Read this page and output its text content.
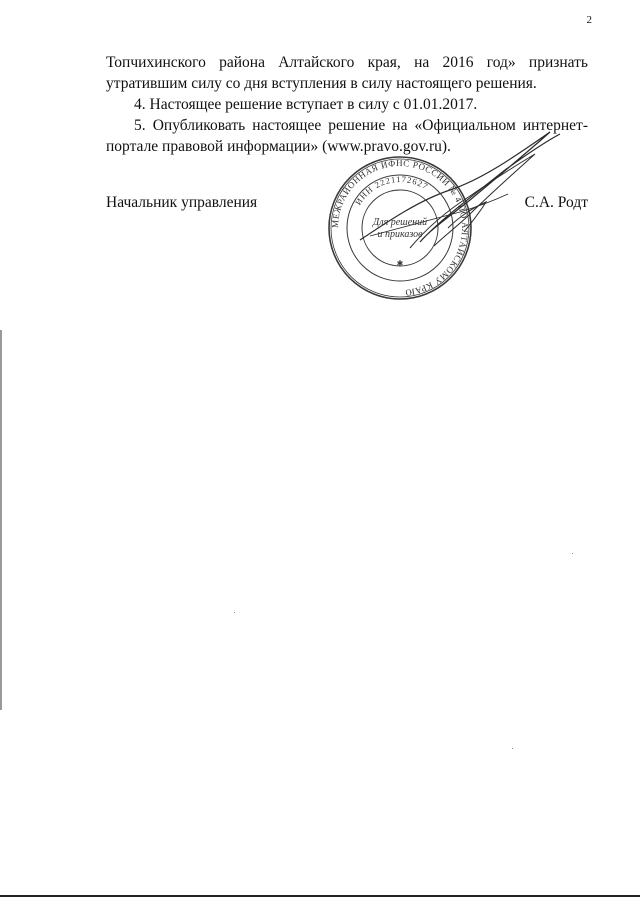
2

Топчихинского района Алтайского края, на 2016 год» признать утратившим силу со дня вступления в силу настоящего решения.

4. Настоящее решение вступает в силу с 01.01.2017.

5. Опубликовать настоящее решение на «Официальном интернет-портале правовой информации» (www.pravo.gov.ru).

Начальник управления	С.А. Родт
МЕЖРАЙОННАЯ ИФНС РОССИИ № 4 ПО АЛТАЙСКОМУ КРАЮ
ИНН 2221172627
Для решений
и приказов
✱
